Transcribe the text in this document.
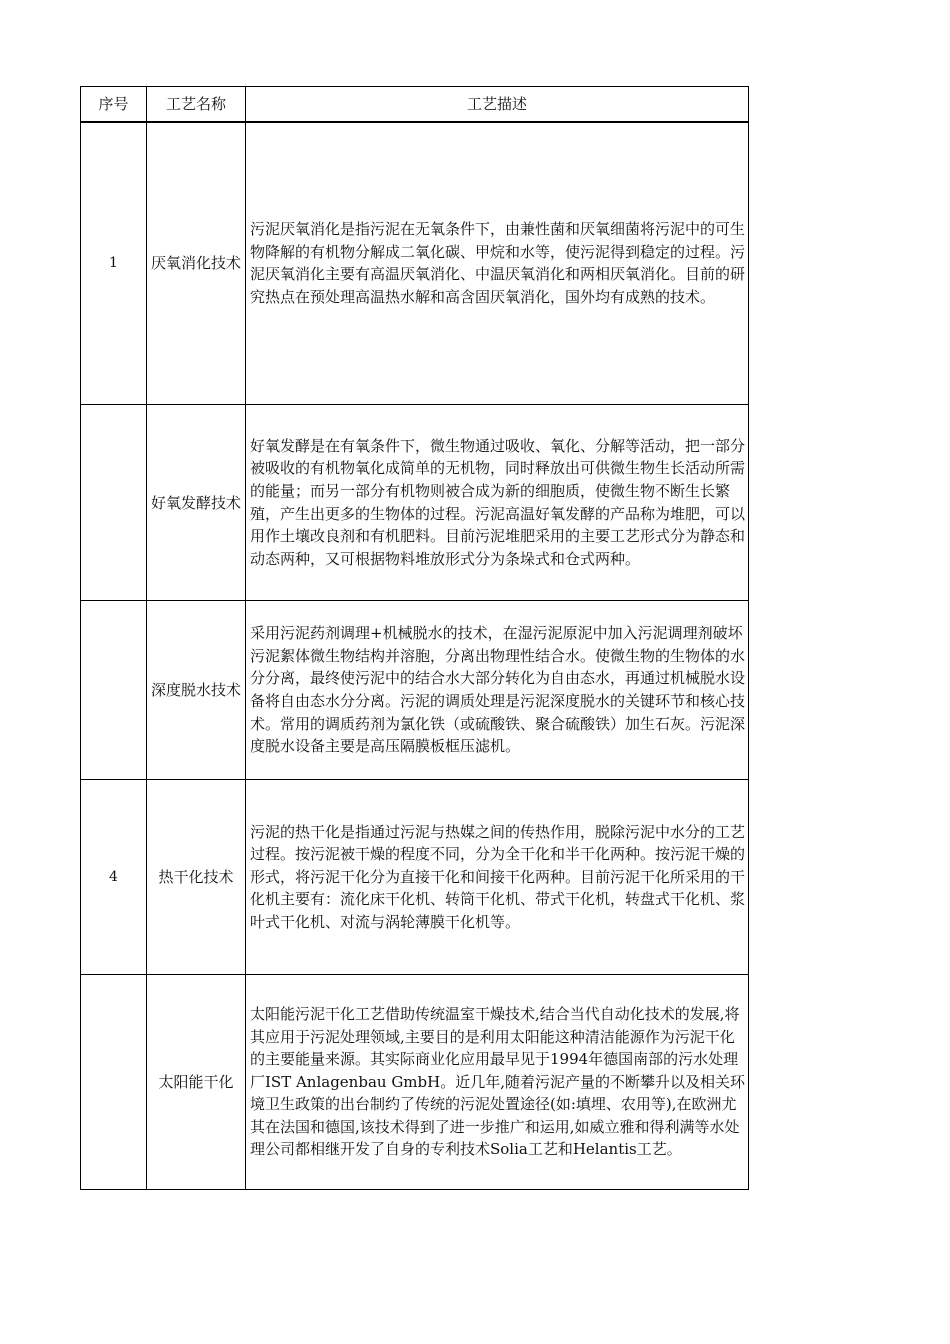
序号	工艺名称	工艺描述
1	厌氧消化技术	污泥厌氧消化是指污泥在无氧条件下，由兼性菌和厌氧细菌将污泥中的可生物降解的有机物分解成二氧化碳、甲烷和水等，使污泥得到稳定的过程。污泥厌氧消化主要有高温厌氧消化、中温厌氧消化和两相厌氧消化。目前的研究热点在预处理高温热水解和高含固厌氧消化，国外均有成熟的技术。

	好氧发酵技术	好氧发酵是在有氧条件下，微生物通过吸收、氧化、分解等活动，把一部分被吸收的有机物氧化成简单的无机物，同时释放出可供微生物生长活动所需的能量；而另一部分有机物则被合成为新的细胞质，使微生物不断生长繁殖，产生出更多的生物体的过程。污泥高温好氧发酵的产品称为堆肥，可以用作土壤改良剂和有机肥料。目前污泥堆肥采用的主要工艺形式分为静态和动态两种，又可根据物料堆放形式分为条垛式和仓式两种。

	深度脱水技术	采用污泥药剂调理+机械脱水的技术，在湿污泥原泥中加入污泥调理剂破坏污泥絮体微生物结构并溶胞，分离出物理性结合水。使微生物的生物体的水分分离，最终使污泥中的结合水大部分转化为自由态水，再通过机械脱水设备将自由态水分分离。污泥的调质处理是污泥深度脱水的关键环节和核心技术。常用的调质药剂为氯化铁（或硫酸铁、聚合硫酸铁）加生石灰。污泥深度脱水设备主要是高压隔膜板框压滤机。

4	热干化技术	污泥的热干化是指通过污泥与热媒之间的传热作用，脱除污泥中水分的工艺过程。按污泥被干燥的程度不同，分为全干化和半干化两种。按污泥干燥的形式，将污泥干化分为直接干化和间接干化两种。目前污泥干化所采用的干化机主要有：流化床干化机、转筒干化机、带式干化机，转盘式干化机、浆叶式干化机、对流与涡轮薄膜干化机等。

	太阳能干化	太阳能污泥干化工艺借助传统温室干燥技术,结合当代自动化技术的发展,将其应用于污泥处理领域,主要目的是利用太阳能这种清洁能源作为污泥干化的主要能量来源。其实际商业化应用最早见于1994年德国南部的污水处理厂IST Anlagenbau GmbH。近几年,随着污泥产量的不断攀升以及相关环境卫生政策的出台制约了传统的污泥处置途径(如:填埋、农用等),在欧洲尤其在法国和德国,该技术得到了进一步推广和运用,如威立雅和得利满等水处理公司都相继开发了自身的专利技术Solia工艺和Helantis工艺。
